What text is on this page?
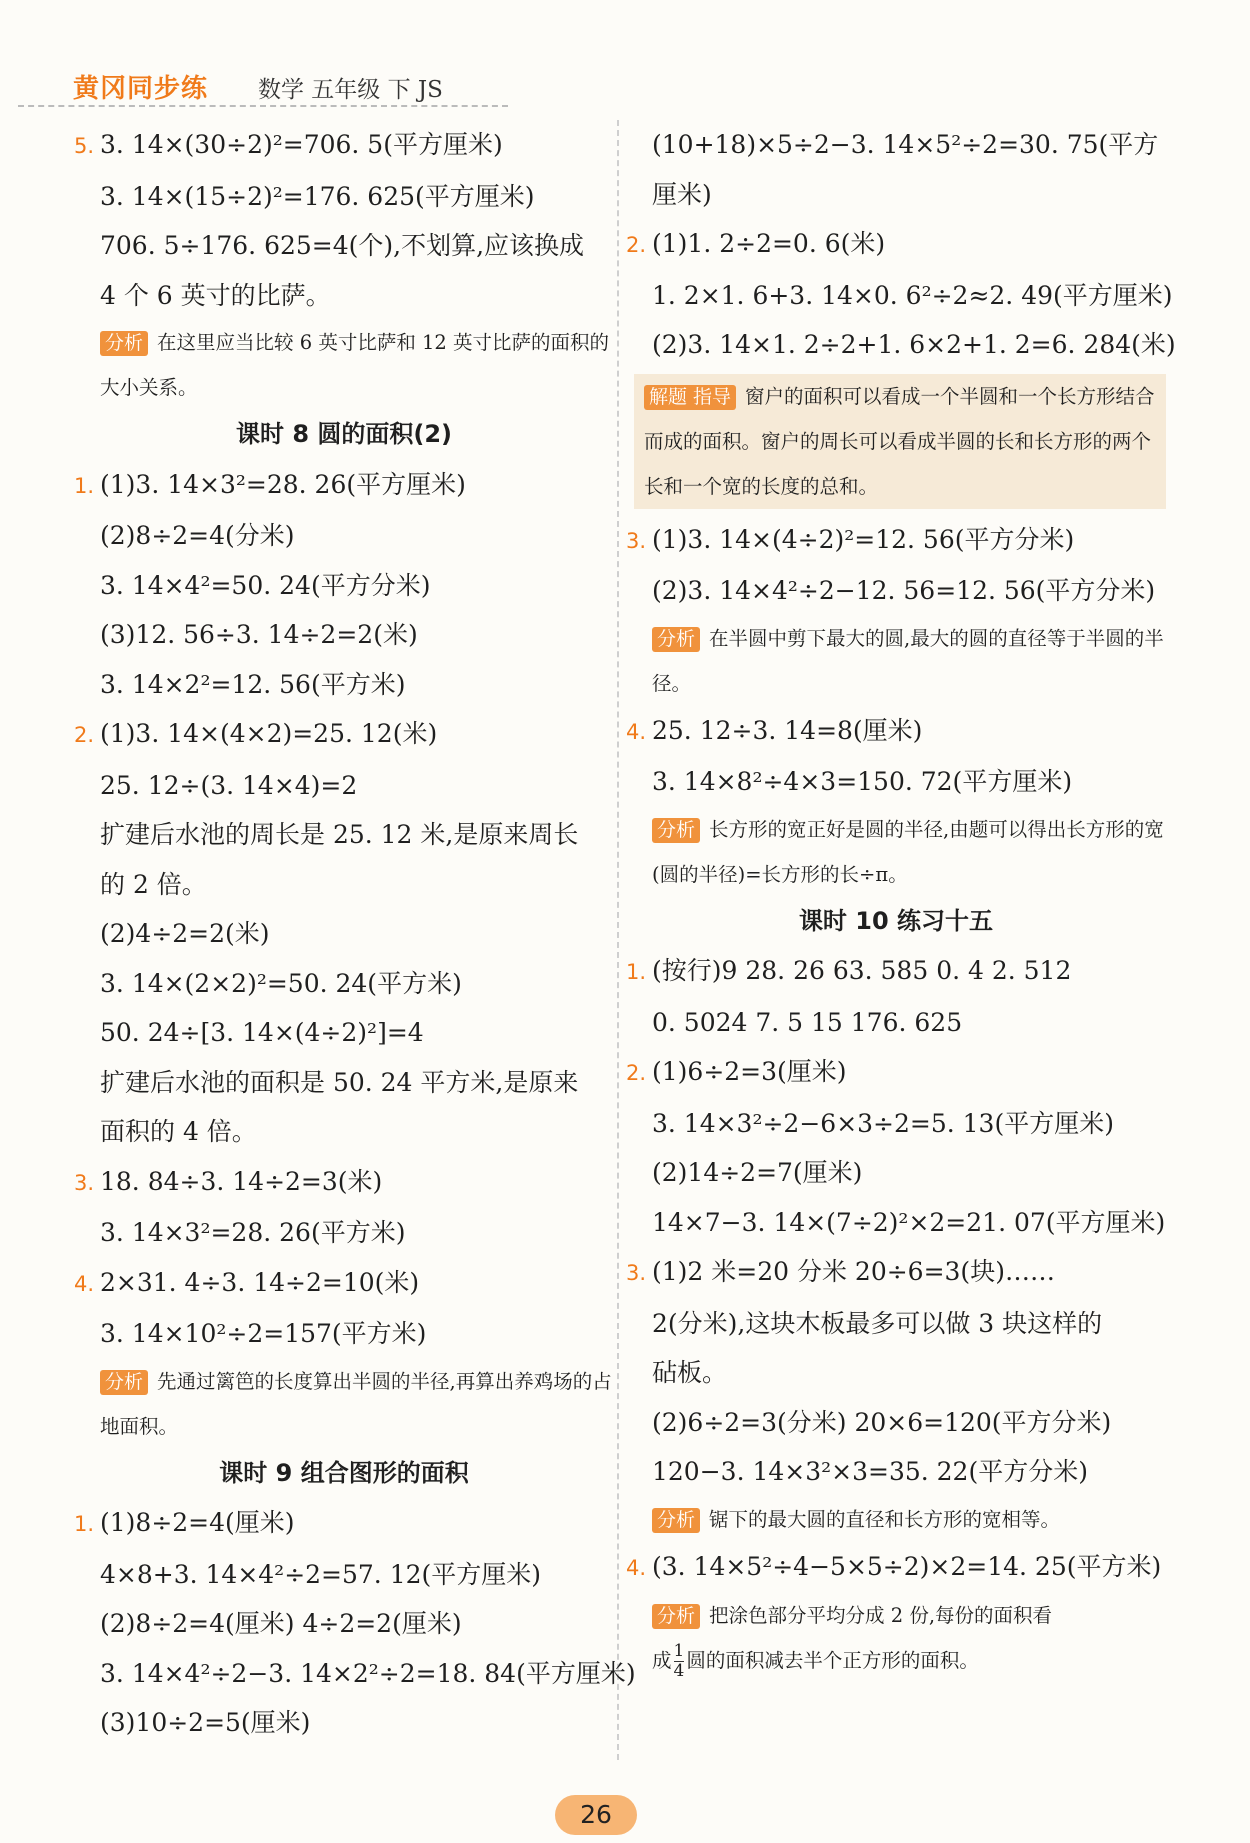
黄冈同步练 数学 五年级 下 JS
5. 3. 14×(30÷2)²=706. 5(平方厘米)
3. 14×(15÷2)²=176. 625(平方厘米)
706. 5÷176. 625=4(个),不划算,应该换成
4 个 6 英寸的比萨。
分析 在这里应当比较 6 英寸比萨和 12 英寸比萨的面积的大小关系。
课时 8 圆的面积(2)
1. (1)3. 14×3²=28. 26(平方厘米)
(2)8÷2=4(分米)
3. 14×4²=50. 24(平方分米)
(3)12. 56÷3. 14÷2=2(米)
3. 14×2²=12. 56(平方米)
2. (1)3. 14×(4×2)=25. 12(米)
25. 12÷(3. 14×4)=2
扩建后水池的周长是 25. 12 米,是原来周长
的 2 倍。
(2)4÷2=2(米)
3. 14×(2×2)²=50. 24(平方米)
50. 24÷[3. 14×(4÷2)²]=4
扩建后水池的面积是 50. 24 平方米,是原来
面积的 4 倍。
3. 18. 84÷3. 14÷2=3(米)
3. 14×3²=28. 26(平方米)
4. 2×31. 4÷3. 14÷2=10(米)
3. 14×10²÷2=157(平方米)
分析 先通过篱笆的长度算出半圆的半径,再算出养鸡场的占地面积。
课时 9 组合图形的面积
1. (1)8÷2=4(厘米)
4×8+3. 14×4²÷2=57. 12(平方厘米)
(2)8÷2=4(厘米) 4÷2=2(厘米)
3. 14×4²÷2−3. 14×2²÷2=18. 84(平方厘米)
(3)10÷2=5(厘米)
(10+18)×5÷2−3. 14×5²÷2=30. 75(平方
厘米)
2. (1)1. 2÷2=0. 6(米)
1. 2×1. 6+3. 14×0. 6²÷2≈2. 49(平方厘米)
(2)3. 14×1. 2÷2+1. 6×2+1. 2=6. 284(米)
解题 指导 窗户的面积可以看成一个半圆和一个长方形结合而成的面积。窗户的周长可以看成半圆的长和长方形的两个长和一个宽的长度的总和。
3. (1)3. 14×(4÷2)²=12. 56(平方分米)
(2)3. 14×4²÷2−12. 56=12. 56(平方分米)
分析 在半圆中剪下最大的圆,最大的圆的直径等于半圆的半径。
4. 25. 12÷3. 14=8(厘米)
3. 14×8²÷4×3=150. 72(平方厘米)
分析 长方形的宽正好是圆的半径,由题可以得出长方形的宽(圆的半径)=长方形的长÷π。
课时 10 练习十五
1. (按行)9 28. 26 63. 585 0. 4 2. 512
0. 5024 7. 5 15 176. 625
2. (1)6÷2=3(厘米)
3. 14×3²÷2−6×3÷2=5. 13(平方厘米)
(2)14÷2=7(厘米)
14×7−3. 14×(7÷2)²×2=21. 07(平方厘米)
3. (1)2 米=20 分米 20÷6=3(块)……
2(分米),这块木板最多可以做 3 块这样的
砧板。
(2)6÷2=3(分米) 20×6=120(平方分米)
120−3. 14×3²×3=35. 22(平方分米)
分析 锯下的最大圆的直径和长方形的宽相等。
4. (3. 14×5²÷4−5×5÷2)×2=14. 25(平方米)
分析 把涂色部分平均分成 2 份,每份的面积看
成 $\frac{1}{4}$ 圆的面积减去半个正方形的面积。
26
